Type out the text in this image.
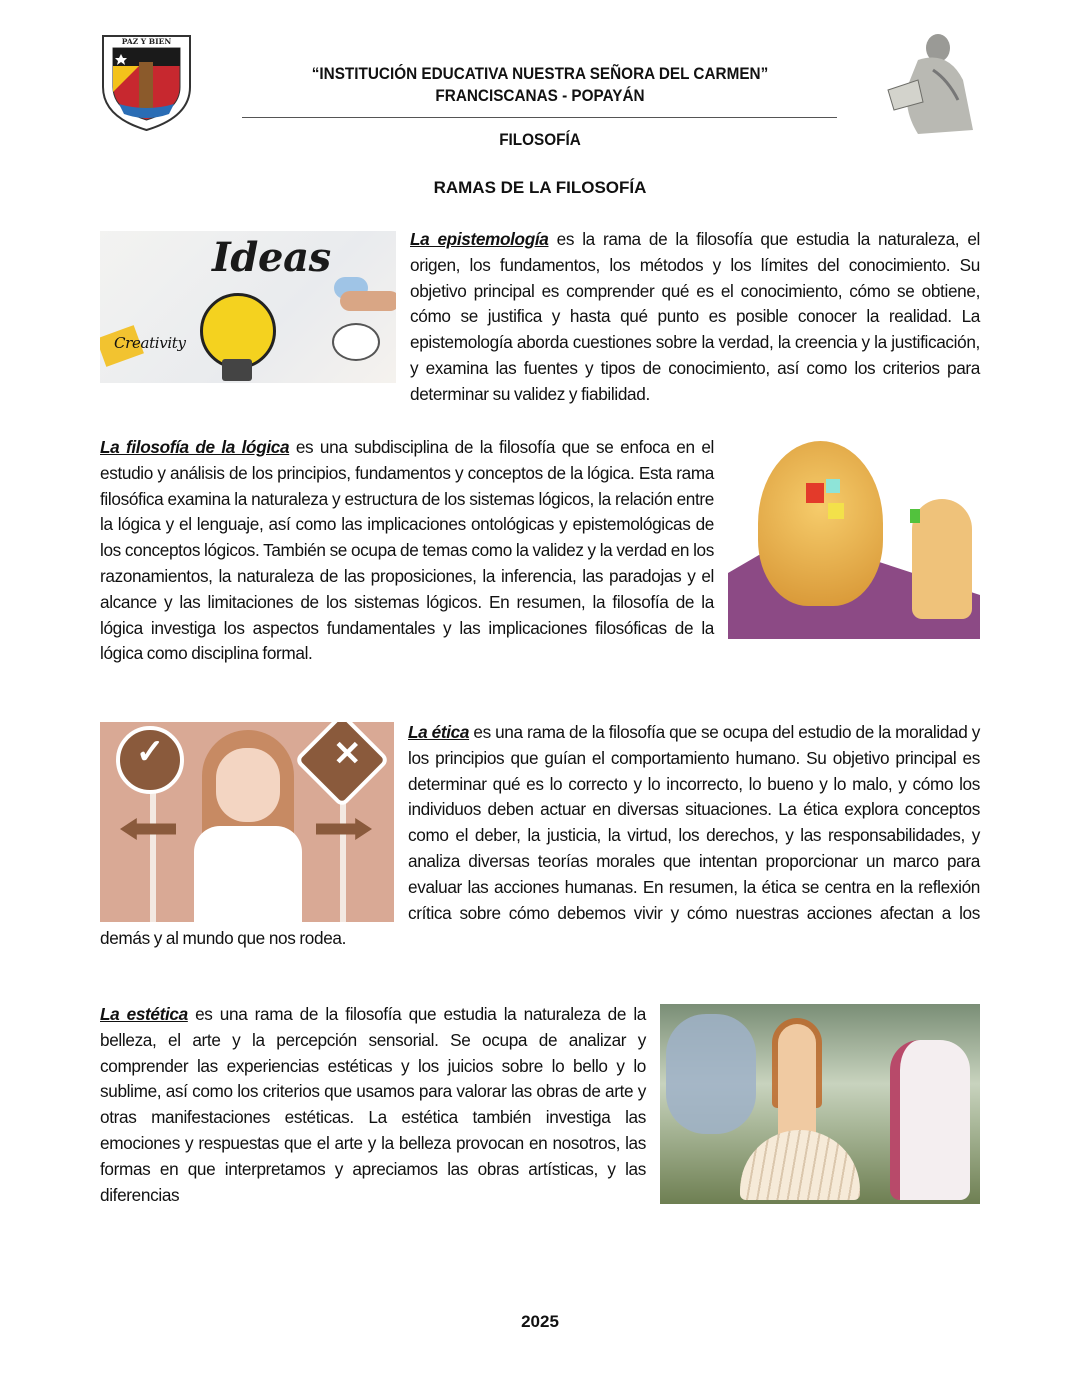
PAZ Y BIEN
“INSTITUCIÓN EDUCATIVA NUESTRA SEÑORA DEL CARMEN”
FRANCISCANAS - POPAYÁN
FILOSOFÍA
RAMAS DE LA FILOSOFÍA
Ideas
Creativity
La epistemología es la rama de la filosofía que estudia la naturaleza, el origen, los fundamentos, los métodos y los límites del conocimiento. Su objetivo principal es comprender qué es el conocimiento, cómo se obtiene, cómo se justifica y hasta qué punto es posible conocer la realidad. La epistemología aborda cuestiones sobre la verdad, la creencia y la justificación, y examina las fuentes y tipos de conocimiento, así como los criterios para determinar su validez y fiabilidad.
La filosofía de la lógica es una subdisciplina de la filosofía que se enfoca en el estudio y análisis de los principios, fundamentos y conceptos de la lógica. Esta rama filosófica examina la naturaleza y estructura de los sistemas lógicos, la relación entre la lógica y el lenguaje, así como las implicaciones ontológicas y epistemológicas de los conceptos lógicos. También se ocupa de temas como la validez y la verdad en los razonamientos, la naturaleza de las proposiciones, la inferencia, las paradojas y el alcance y las limitaciones de los sistemas lógicos. En resumen, la filosofía de la lógica investiga los aspectos fundamentales y las implicaciones filosóficas de la lógica como disciplina formal.
✓	✕
La ética es una rama de la filosofía que se ocupa del estudio de la moralidad y los principios que guían el comportamiento humano. Su objetivo principal es determinar qué es lo correcto y lo incorrecto, lo bueno y lo malo, y cómo los individuos deben actuar en diversas situaciones. La ética explora conceptos como el deber, la justicia, la virtud, los derechos, y las responsabilidades, y analiza diversas teorías morales que intentan proporcionar un marco para evaluar las acciones humanas. En resumen, la ética se centra en la reflexión crítica sobre cómo debemos vivir y cómo nuestras acciones afectan a los demás y al mundo que nos rodea.
La estética es una rama de la filosofía que estudia la naturaleza de la belleza, el arte y la percepción sensorial. Se ocupa de analizar y comprender las experiencias estéticas y los juicios sobre lo bello y lo sublime, así como los criterios que usamos para valorar las obras de arte y otras manifestaciones estéticas. La estética también investiga las emociones y respuestas que el arte y la belleza provocan en nosotros, las formas en que interpretamos y apreciamos las obras artísticas, y las diferencias
2025
